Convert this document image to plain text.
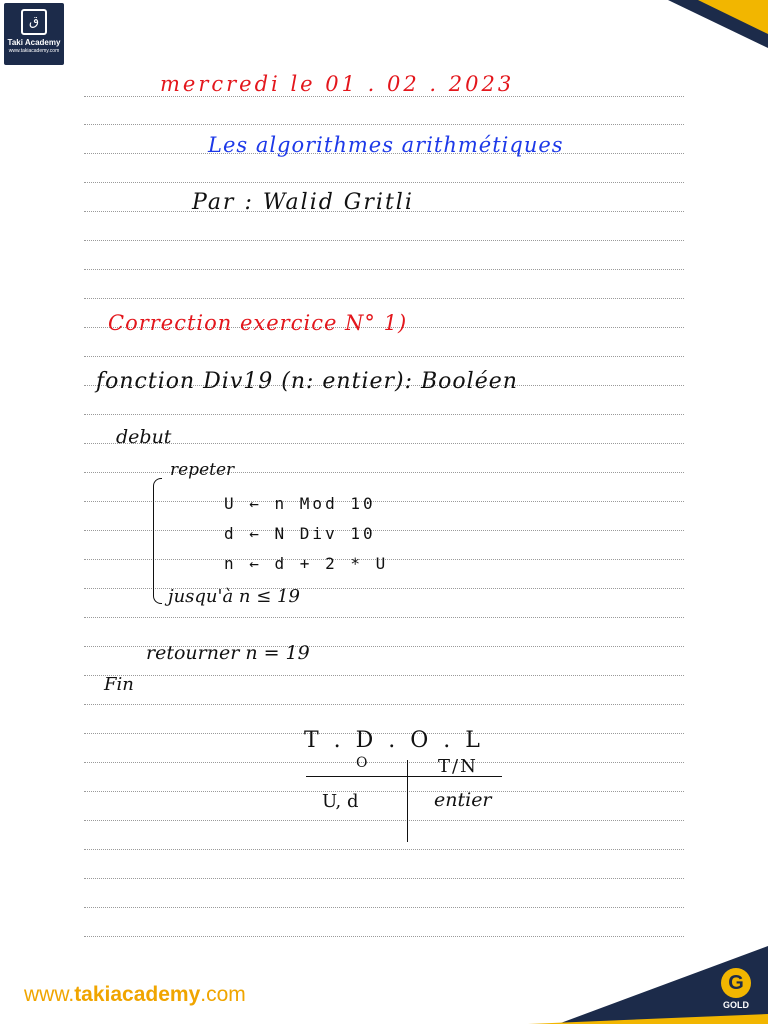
ق
Taki Academy
www.takiacademy.com
mercredi le 01 . 02 . 2023
Les algorithmes arithmétiques
Par : Walid Gritli
Correction exercice N° 1)
fonction Div19 (n: entier): Booléen
debut
repeter
U ← n Mod 10
d ← N Div 10
n ← d + 2 * U
jusqu'à n ≤ 19
retourner n = 19
Fin
T . D . O . L
O	T/N
U, d	entier
www.takiacademy.com	G
GOLD
